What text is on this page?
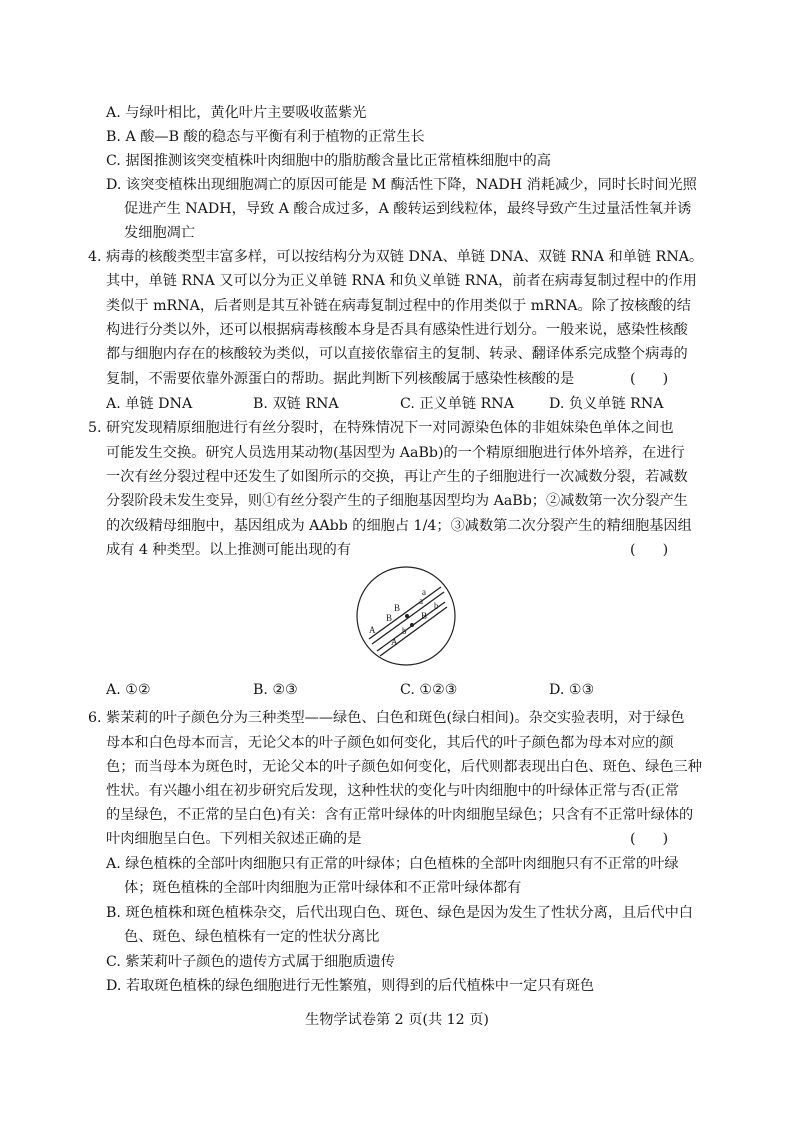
A. 与绿叶相比，黄化叶片主要吸收蓝紫光
B. A 酸—B 酸的稳态与平衡有利于植物的正常生长
C. 据图推测该突变植株叶肉细胞中的脂肪酸含量比正常植株细胞中的高
D. 该突变植株出现细胞凋亡的原因可能是 M 酶活性下降，NADH 消耗减少，同时长时间光照
促进产生 NADH，导致 A 酸合成过多，A 酸转运到线粒体，最终导致产生过量活性氧并诱
发细胞凋亡
4. 病毒的核酸类型丰富多样，可以按结构分为双链 DNA、单链 DNA、双链 RNA 和单链 RNA。
其中，单链 RNA 又可以分为正义单链 RNA 和负义单链 RNA，前者在病毒复制过程中的作用
类似于 mRNA，后者则是其互补链在病毒复制过程中的作用类似于 mRNA。除了按核酸的结
构进行分类以外，还可以根据病毒核酸本身是否具有感染性进行划分。一般来说，感染性核酸
都与细胞内存在的核酸较为类似，可以直接依靠宿主的复制、转录、翻译体系完成整个病毒的
复制，不需要依靠外源蛋白的帮助。据此判断下列核酸属于感染性核酸的是	(      )
A. 单链 DNA	B. 双链 RNA	C. 正义单链 RNA D. 负义单链 RNA
5. 研究发现精原细胞进行有丝分裂时，在特殊情况下一对同源染色体的非姐妹染色单体之间也
可能发生交换。研究人员选用某动物(基因型为 AaBb)的一个精原细胞进行体外培养，在进行
一次有丝分裂过程中还发生了如图所示的交换，再让产生的子细胞进行一次减数分裂，若减数
分裂阶段未发生变异，则①有丝分裂产生的子细胞基因型均为 AaBb；②减数第一次分裂产生
的次级精母细胞中，基因组成为 AAbb 的细胞占 1/4；③减数第二次分裂产生的精细胞基因组
成有 4 种类型。以上推测可能出现的有	(      )
a
a
B
B
b
b
A
A
B
A. ①②	B. ②③	C. ①②③	D. ①③
6. 紫茉莉的叶子颜色分为三种类型——绿色、白色和斑色(绿白相间)。杂交实验表明，对于绿色
母本和白色母本而言，无论父本的叶子颜色如何变化，其后代的叶子颜色都为母本对应的颜
色；而当母本为斑色时，无论父本的叶子颜色如何变化，后代则都表现出白色、斑色、绿色三种
性状。有兴趣小组在初步研究后发现，这种性状的变化与叶肉细胞中的叶绿体正常与否(正常
的呈绿色，不正常的呈白色)有关：含有正常叶绿体的叶肉细胞呈绿色；只含有不正常叶绿体的
叶肉细胞呈白色。下列相关叙述正确的是	(      )
A. 绿色植株的全部叶肉细胞只有正常的叶绿体；白色植株的全部叶肉细胞只有不正常的叶绿
体；斑色植株的全部叶肉细胞为正常叶绿体和不正常叶绿体都有
B. 斑色植株和斑色植株杂交，后代出现白色、斑色、绿色是因为发生了性状分离，且后代中白
色、斑色、绿色植株有一定的性状分离比
C. 紫茉莉叶子颜色的遗传方式属于细胞质遗传
D. 若取斑色植株的绿色细胞进行无性繁殖，则得到的后代植株中一定只有斑色
生物学试卷第 2 页(共 12 页)
